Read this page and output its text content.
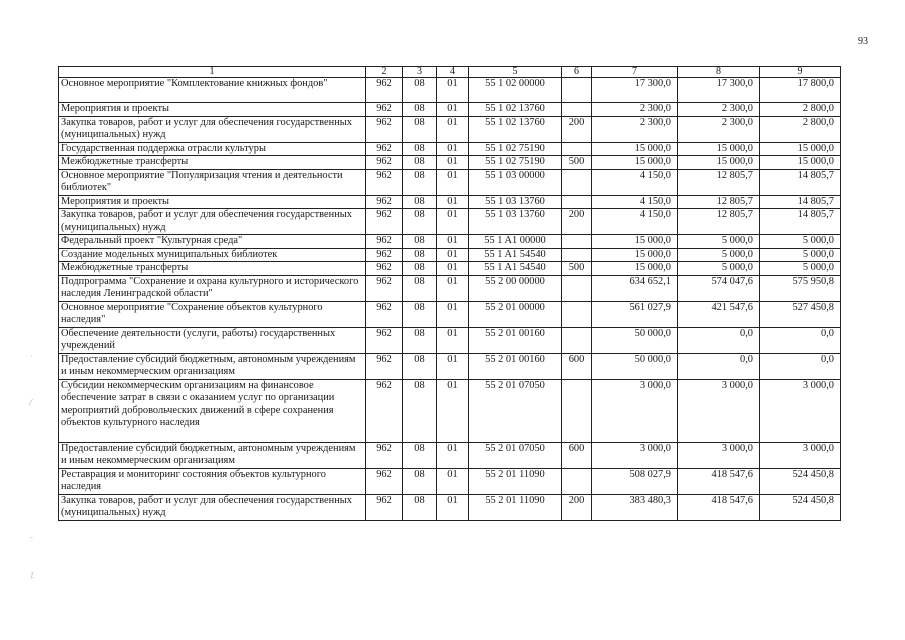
93
1	2	3	4	5	6	7	8	9
Основное мероприятие "Комплектование книжных фондов"	962	08	01	55 1 02 00000		17 300,0	17 300,0	17 800,0
Мероприятия и проекты	962	08	01	55 1 02 13760		2 300,0	2 300,0	2 800,0
Закупка товаров, работ и услуг для обеспечения государственных (муниципальных) нужд	962	08	01	55 1 02 13760	200	2 300,0	2 300,0	2 800,0
Государственная поддержка отрасли культуры	962	08	01	55 1 02 75190		15 000,0	15 000,0	15 000,0
Межбюджетные трансферты	962	08	01	55 1 02 75190	500	15 000,0	15 000,0	15 000,0
Основное мероприятие "Популяризация чтения и деятельности библиотек"	962	08	01	55 1 03 00000		4 150,0	12 805,7	14 805,7
Мероприятия и проекты	962	08	01	55 1 03 13760		4 150,0	12 805,7	14 805,7
Закупка товаров, работ и услуг для обеспечения государственных (муниципальных) нужд	962	08	01	55 1 03 13760	200	4 150,0	12 805,7	14 805,7
Федеральный проект "Культурная среда"	962	08	01	55 1 A1 00000		15 000,0	5 000,0	5 000,0
Создание модельных муниципальных библиотек	962	08	01	55 1 A1 54540		15 000,0	5 000,0	5 000,0
Межбюджетные трансферты	962	08	01	55 1 A1 54540	500	15 000,0	5 000,0	5 000,0
Подпрограмма "Сохранение и охрана культурного и исторического наследия Ленинградской области"	962	08	01	55 2 00 00000		634 652,1	574 047,6	575 950,8
Основное мероприятие "Сохранение объектов культурного наследия"	962	08	01	55 2 01 00000		561 027,9	421 547,6	527 450,8
Обеспечение деятельности (услуги, работы) государственных учреждений	962	08	01	55 2 01 00160		50 000,0	0,0	0,0
Предоставление субсидий бюджетным, автономным учреждениям и иным некоммерческим организациям	962	08	01	55 2 01 00160	600	50 000,0	0,0	0,0
Субсидии некоммерческим организациям на финансовое обеспечение затрат в связи с оказанием услуг по организации мероприятий добровольческих движений в сфере сохранения объектов культурного наследия	962	08	01	55 2 01 07050		3 000,0	3 000,0	3 000,0
Предоставление субсидий бюджетным, автономным учреждениям и иным некоммерческим организациям	962	08	01	55 2 01 07050	600	3 000,0	3 000,0	3 000,0
Реставрация и мониторинг состояния объектов культурного наследия	962	08	01	55 2 01 11090		508 027,9	418 547,6	524 450,8
Закупка товаров, работ и услуг для обеспечения государственных (муниципальных) нужд	962	08	01	55 2 01 11090	200	383 480,3	418 547,6	524 450,8
·
⁄
-
⁒
